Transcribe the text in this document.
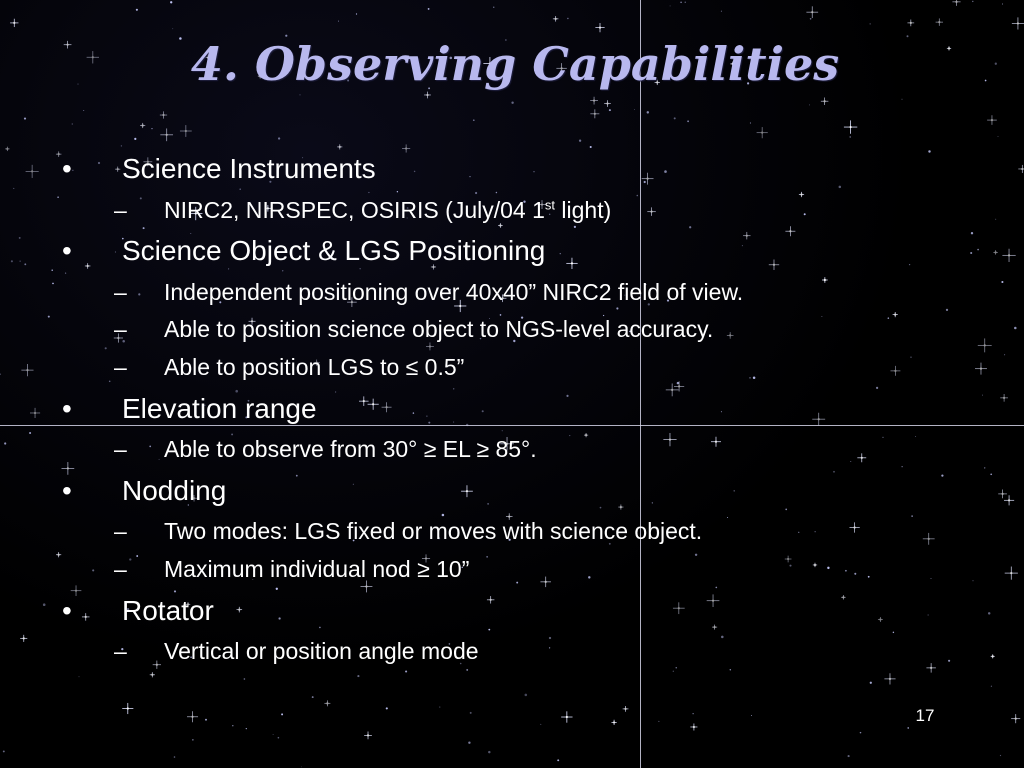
4. Observing Capabilities
• Science Instruments
– NIRC2, NIRSPEC, OSIRIS (July/04 1st light)
• Science Object & LGS Positioning
– Independent positioning over 40x40” NIRC2 field of view.
– Able to position science object to NGS-level accuracy.
– Able to position LGS to ≤ 0.5”
• Elevation range
– Able to observe from 30° ≥ EL ≥ 85°.
• Nodding
– Two modes: LGS fixed or moves with science object.
– Maximum individual nod ≥ 10”
• Rotator
– Vertical or position angle mode
17
